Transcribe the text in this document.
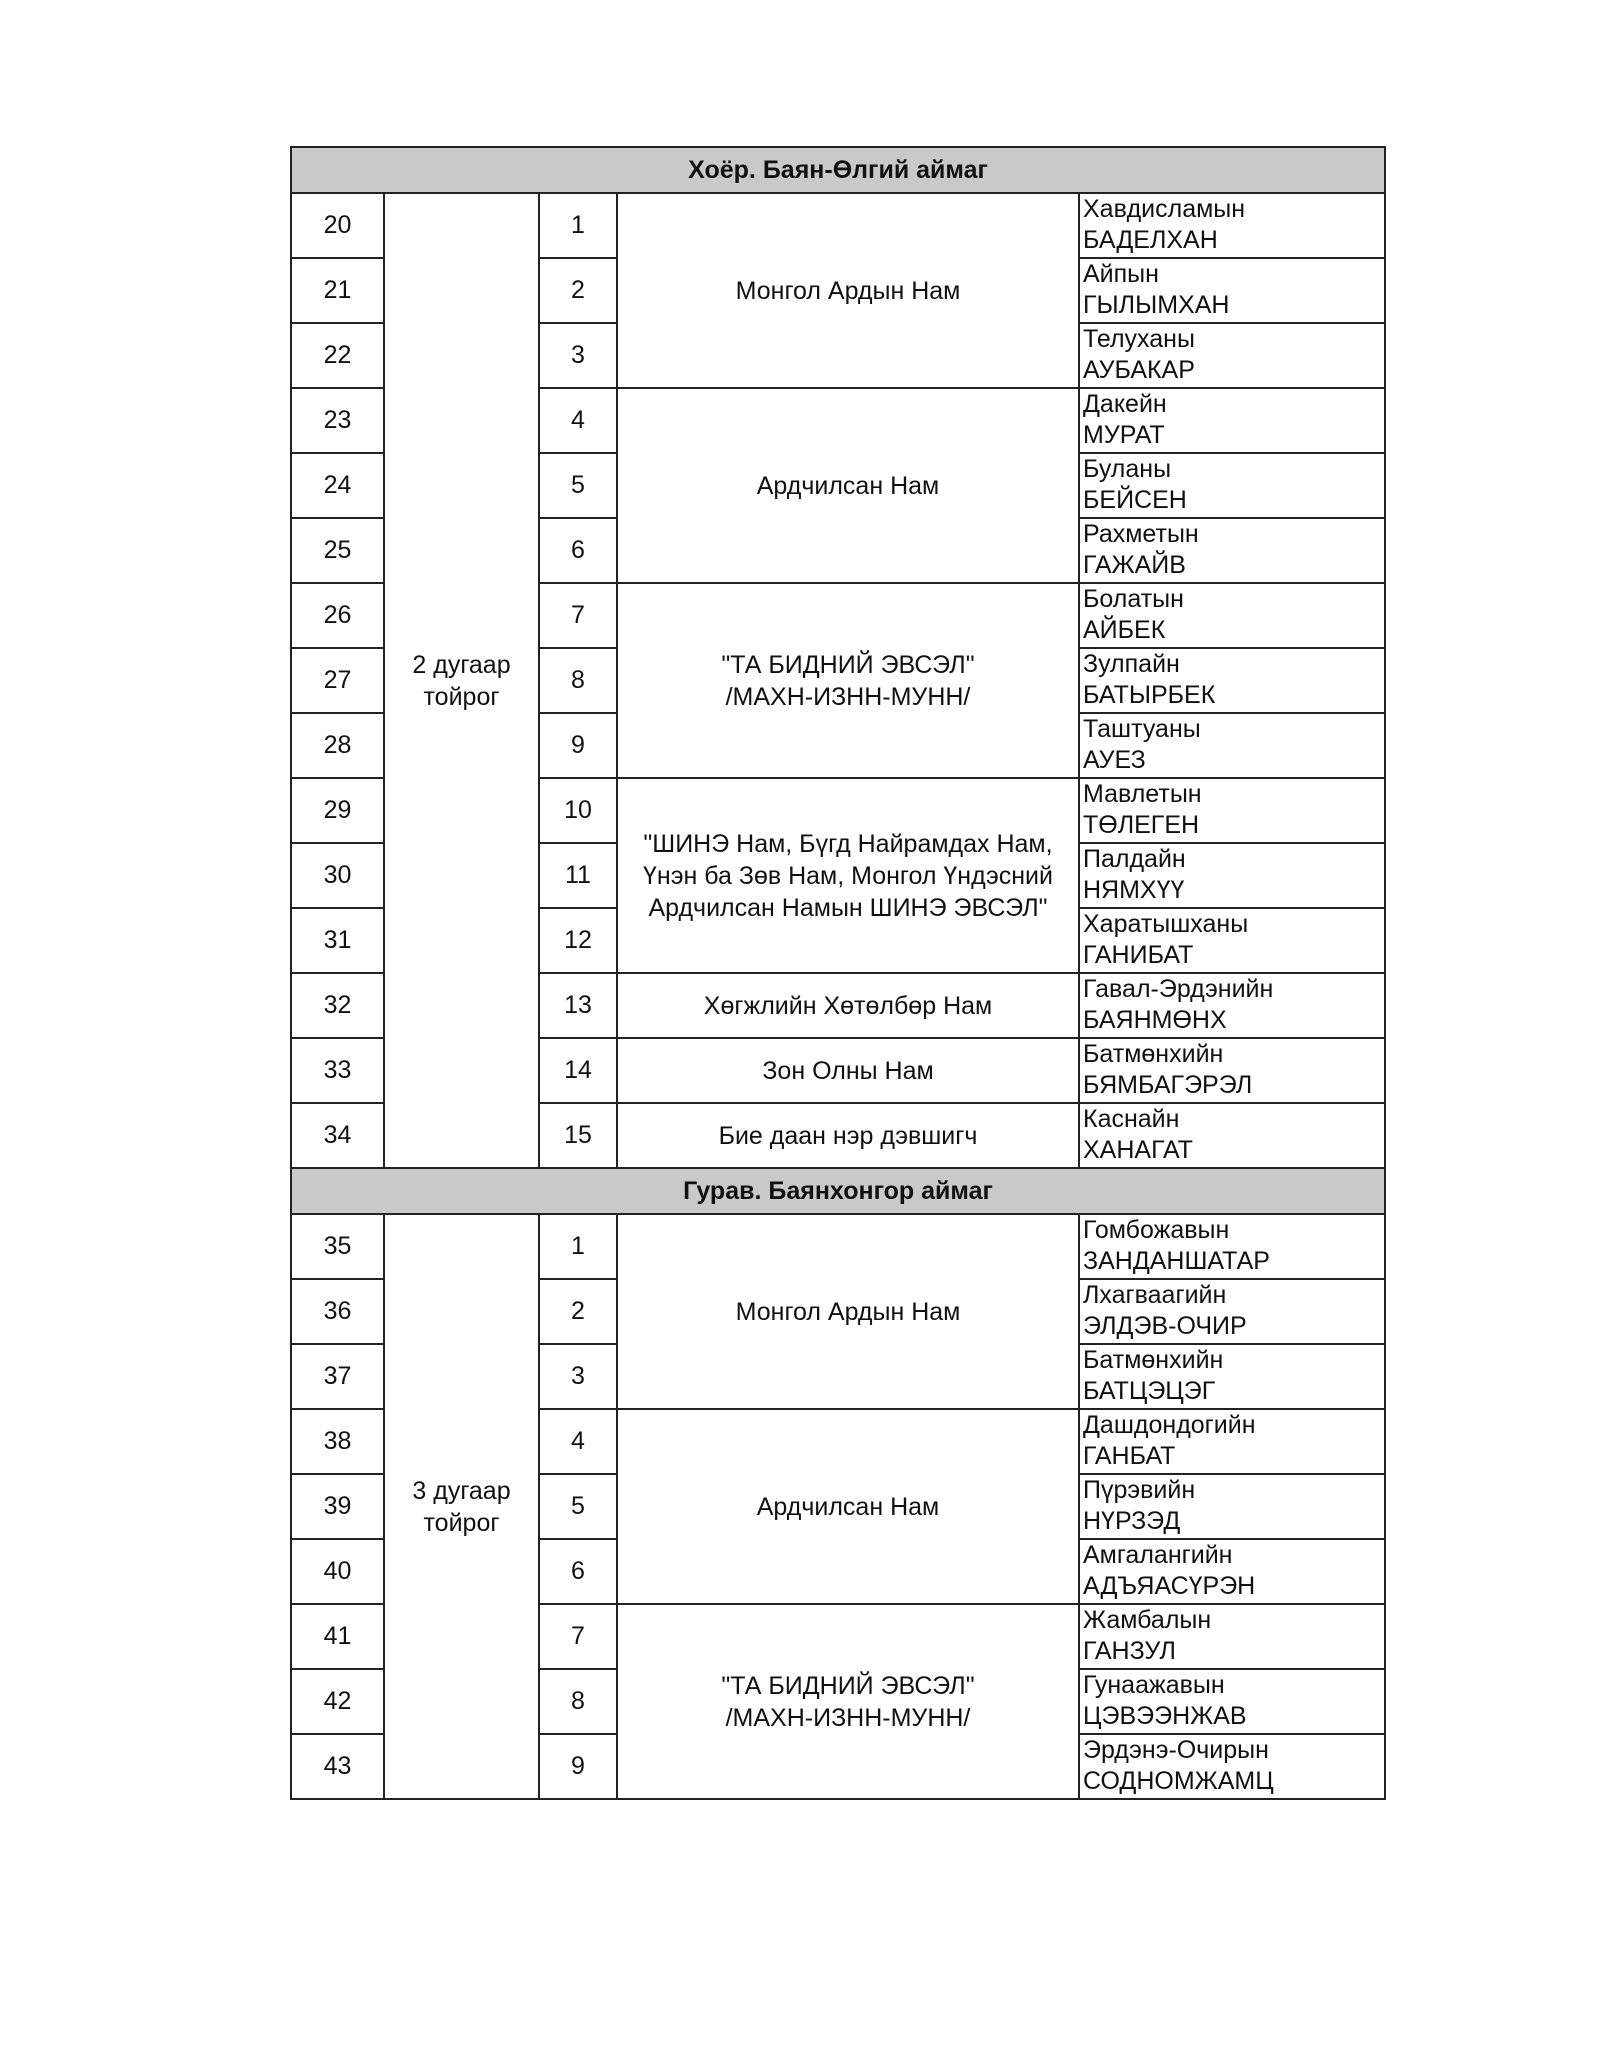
Хоёр. Баян-Өлгий аймаг				
20	2 дугаар
тойрог	1	Монгол Ардын Нам	Хавдисламын
БАДЕЛХАН

21		2		Айпын
ГЫЛЫМХАН

22		3		Телуханы
АУБАКАР

23		4	Ардчилсан Нам	Дакейн
МУРАТ

24		5		Буланы
БЕЙСЕН

25		6		Рахметын
ГАЖАЙВ

26		7	"ТА БИДНИЙ ЭВСЭЛ"
/МАХН-ИЗНН-МУНН/	Болатын
АЙБЕК

27		8		Зулпайн
БАТЫРБЕК

28		9		Таштуаны
АУЕЗ

29		10	"ШИНЭ Нам, Бүгд Найрамдах Нам,
Үнэн ба Зөв Нам, Монгол Үндэсний
Ардчилсан Намын ШИНЭ ЭВСЭЛ"	Мавлетын
ТӨЛЕГЕН

30		11		Палдайн
НЯМХҮҮ

31		12		Харатышханы
ГАНИБАТ

32		13	Хөгжлийн Хөтөлбөр Нам	Гавал-Эрдэнийн
БАЯНМӨНХ

33		14	Зон Олны Нам	Батмөнхийн
БЯМБАГЭРЭЛ

34		15	Бие даан нэр дэвшигч	Каснайн
ХАНАГАТ

Гурав. Баянхонгор аймаг				
35	3 дугаар
тойрог	1	Монгол Ардын Нам	Гомбожавын
ЗАНДАНШАТАР

36		2		Лхагваагийн
ЭЛДЭВ-ОЧИР

37		3		Батмөнхийн
БАТЦЭЦЭГ

38		4	Ардчилсан Нам	Дашдондогийн
ГАНБАТ

39		5		Пүрэвийн
НҮРЗЭД

40		6		Амгалангийн
АДЪЯАСҮРЭН

41		7	"ТА БИДНИЙ ЭВСЭЛ"
/МАХН-ИЗНН-МУНН/	Жамбалын
ГАНЗУЛ

42		8		Гунаажавын
ЦЭВЭЭНЖАВ

43		9		Эрдэнэ-Очирын
СОДНОМЖАМЦ
